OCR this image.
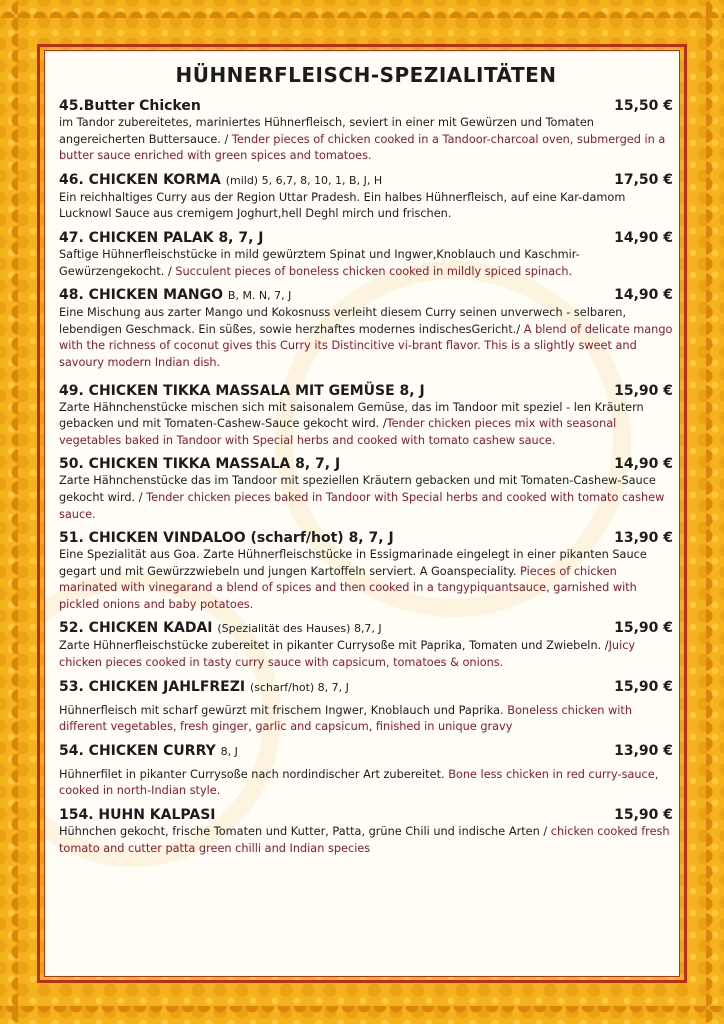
HÜHNERFLEISCH-SPEZIALITÄTEN
45.Butter Chicken	15,50 €
im Tandor zubereitetes, mariniertes Hühnerfleisch, seviert in einer mit Gewürzen und Tomaten angereicherten Buttersauce. / Tender pieces of chicken cooked in a Tandoor-charcoal oven, submerged in a butter sauce enriched with green spices and tomatoes.
46. CHICKEN KORMA (mild) 5, 6,7, 8, 10, 1, B, J, H	17,50 €
Ein reichhaltiges Curry aus der Region Uttar Pradesh. Ein halbes Hühnerfleisch, auf eine Kar-damom Lucknowl Sauce aus cremigem Joghurt,hell Deghl mirch und frischen.
47. CHICKEN PALAK 8, 7, J	14,90 €
Saftige Hühnerfleischstücke in mild gewürztem Spinat und Ingwer,Knoblauch und Kaschmir-Gewürzengekocht. / Succulent pieces of boneless chicken cooked in mildly spiced spinach.
48. CHICKEN MANGO B, M. N, 7, J	14,90 €
Eine Mischung aus zarter Mango und Kokosnuss verleiht diesem Curry seinen unverwech - selbaren, lebendigen Geschmack. Ein süßes, sowie herzhaftes modernes indischesGericht./ A blend of delicate mango with the richness of coconut gives this Curry its Distincitive vi-brant flavor. This is a slightly sweet and savoury modern Indian dish.
49. CHICKEN TIKKA MASSALA MIT GEMÜSE 8, J	15,90 €
Zarte Hähnchenstücke mischen sich mit saisonalem Gemüse, das im Tandoor mit speziel - len Kräutern gebacken und mit Tomaten-Cashew-Sauce gekocht wird. /Tender chicken pieces mix with seasonal vegetables baked in Tandoor with Special herbs and cooked with tomato cashew sauce.
50. CHICKEN TIKKA MASSALA 8, 7, J	14,90 €
Zarte Hähnchenstücke das im Tandoor mit speziellen Kräutern gebacken und mit Tomaten-Cashew-Sauce gekocht wird. / Tender chicken pieces baked in Tandoor with Special herbs and cooked with tomato cashew sauce.
51. CHICKEN VINDALOO (scharf/hot) 8, 7, J	13,90 €
Eine Spezialität aus Goa. Zarte Hühnerfleischstücke in Essigmarinade eingelegt in einer pikanten Sauce gegart und mit Gewürzzwiebeln und jungen Kartoffeln serviert. A Goanspeciality. Pieces of chicken marinated with vinegarand a blend of spices and then cooked in a tangypiquantsauce, garnished with pickled onions and baby potatoes.
52. CHICKEN KADAI (Spezialität des Hauses) 8,7, J	15,90 €
Zarte Hühnerfleischstücke zubereitet in pikanter Currysoße mit Paprika, Tomaten und Zwiebeln. /Juicy chicken pieces cooked in tasty curry sauce with capsicum, tomatoes & onions.
53. CHICKEN JAHLFREZI (scharf/hot) 8, 7, J	15,90 €
Hühnerfleisch mit scharf gewürzt mit frischem Ingwer, Knoblauch und Paprika. Boneless chicken with different vegetables, fresh ginger, garlic and capsicum, finished in unique gravy
54. CHICKEN CURRY 8, J	13,90 €
Hühnerfilet in pikanter Currysoße nach nordindischer Art zubereitet. Bone less chicken in red curry-sauce, cooked in north-Indian style.
154. HUHN KALPASI	15,90 €
Hühnchen gekocht, frische Tomaten und Kutter, Patta, grüne Chili und indische Arten / chicken cooked fresh tomato and cutter patta green chilli and Indian species
